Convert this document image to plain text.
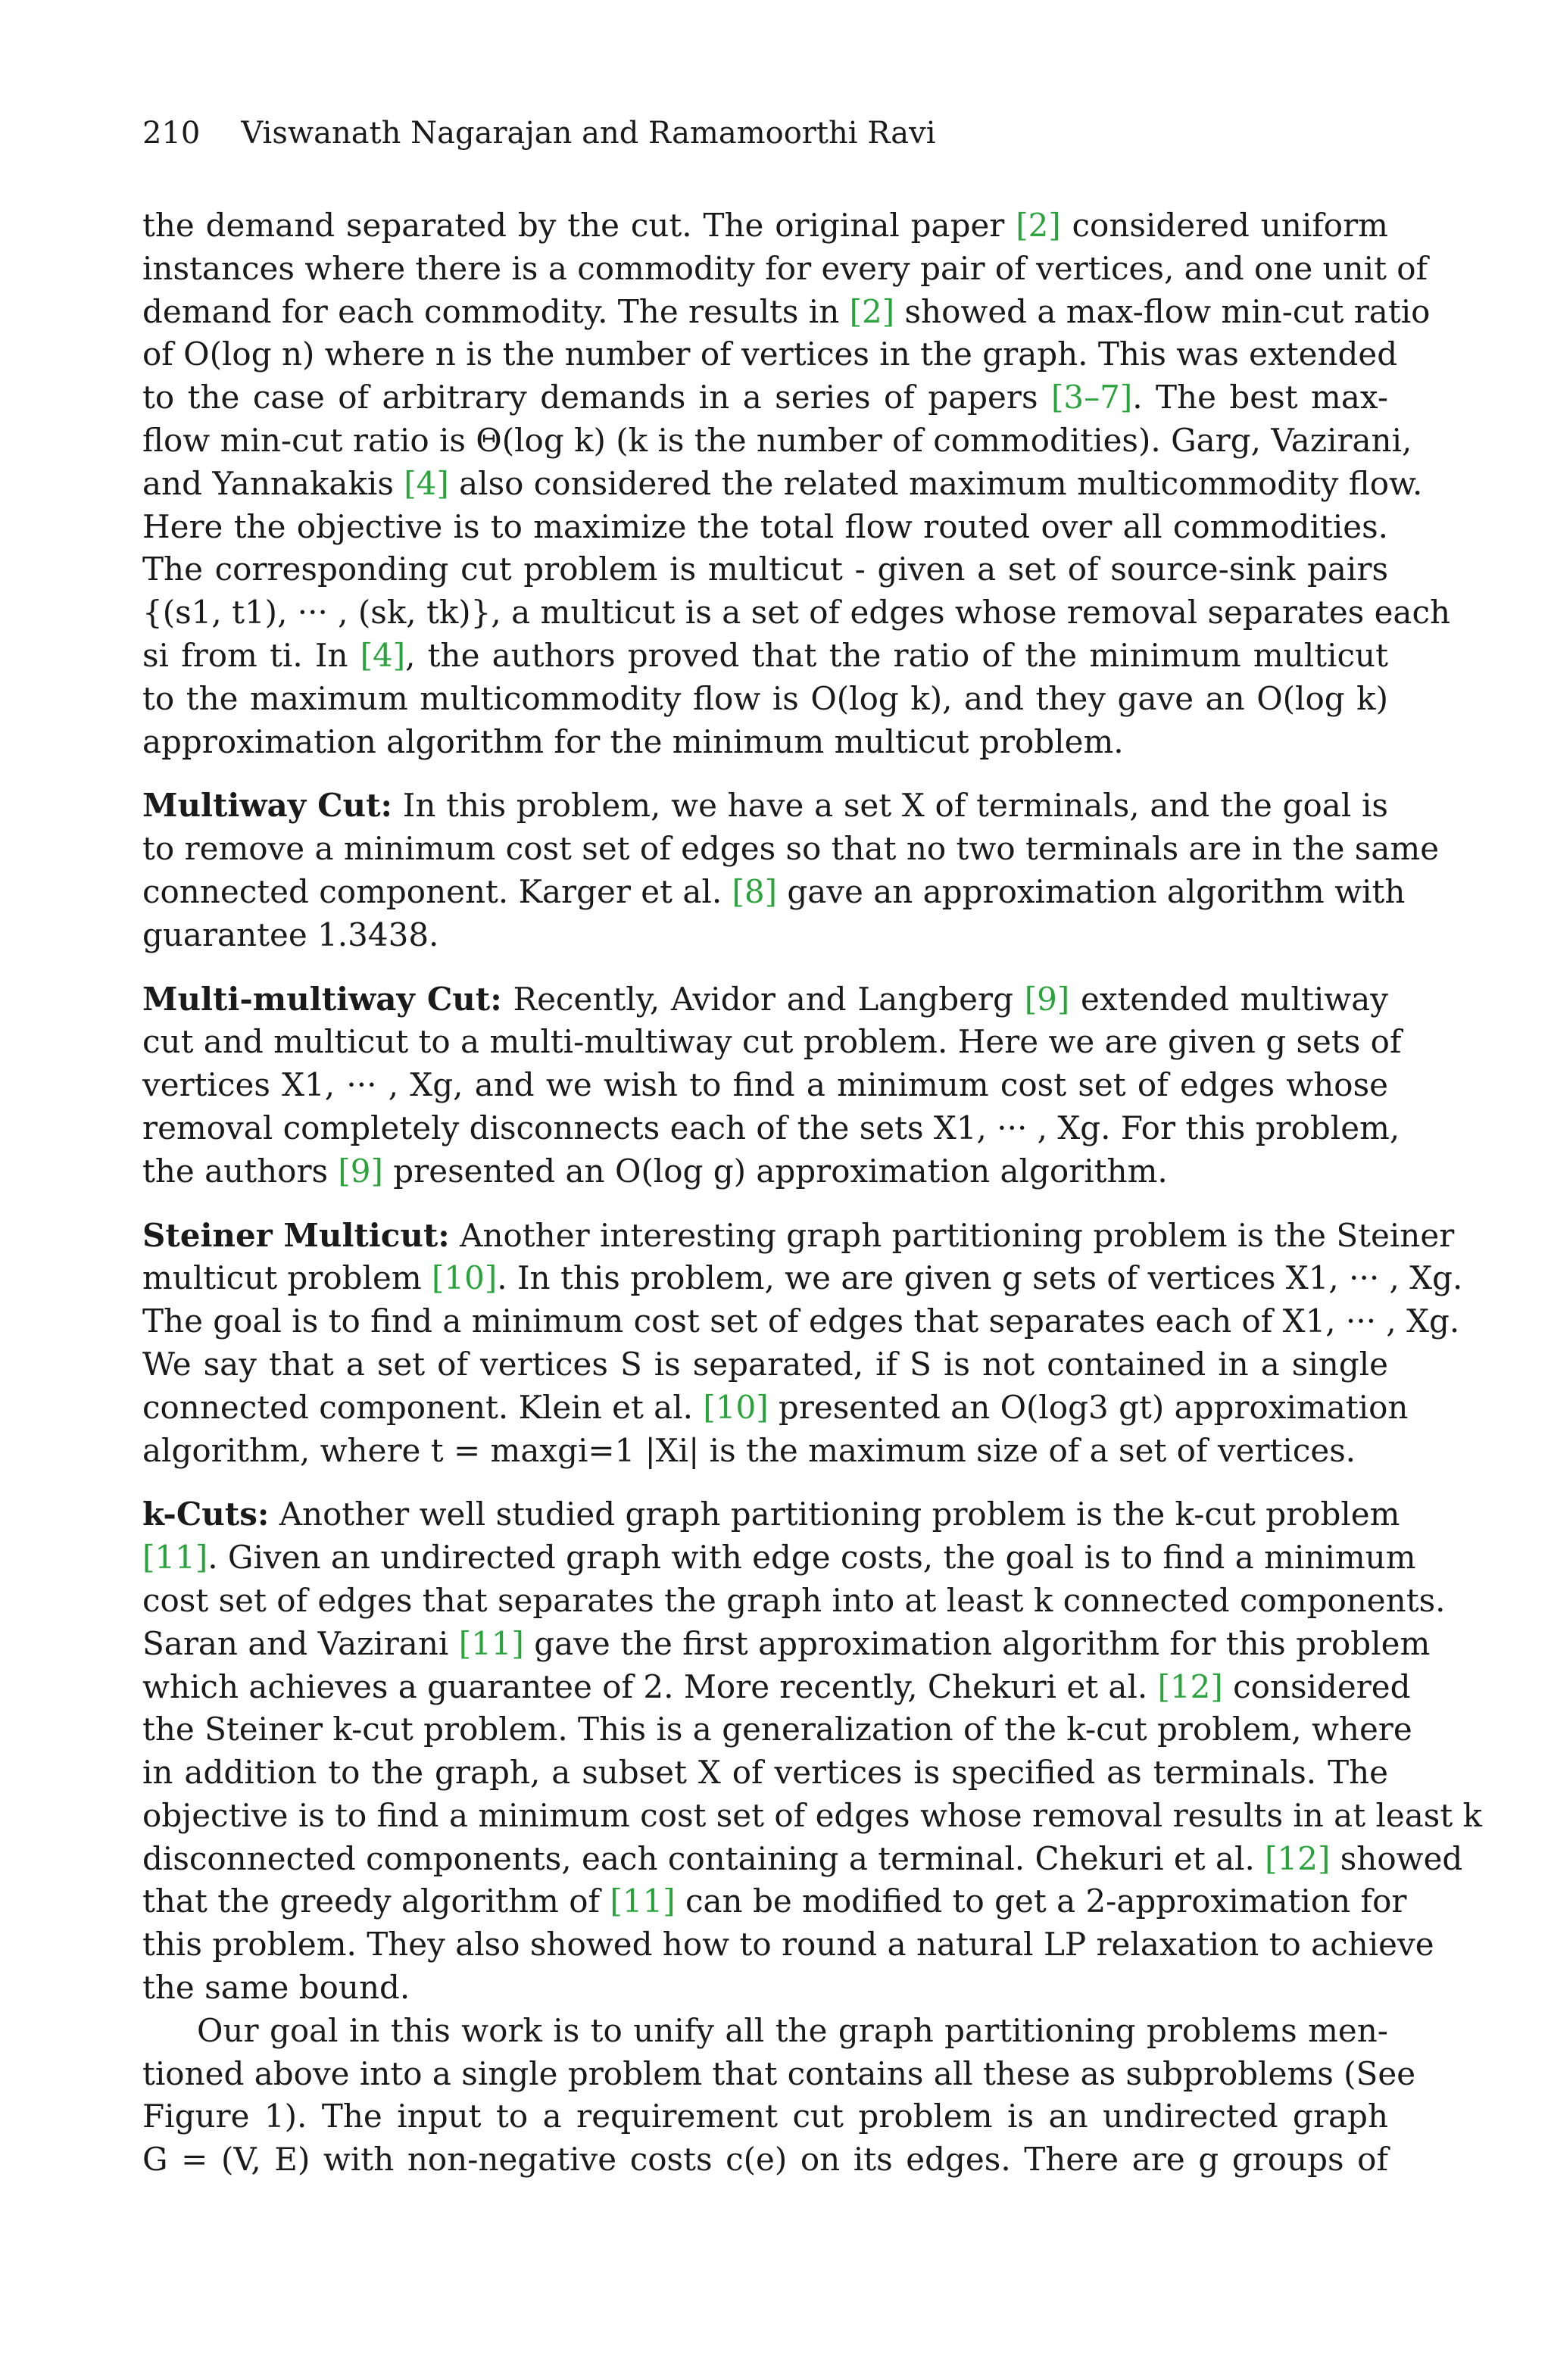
210 Viswanath Nagarajan and Ramamoorthi Ravi
the demand separated by the cut. The original paper [2] considered uniform
instances where there is a commodity for every pair of vertices, and one unit of
demand for each commodity. The results in [2] showed a max-flow min-cut ratio
of O(log n) where n is the number of vertices in the graph. This was extended
to the case of arbitrary demands in a series of papers [3–7]. The best max-
flow min-cut ratio is Θ(log k) (k is the number of commodities). Garg, Vazirani,
and Yannakakis [4] also considered the related maximum multicommodity flow.
Here the objective is to maximize the total flow routed over all commodities.
The corresponding cut problem is multicut - given a set of source-sink pairs
{(s1, t1), ··· , (sk, tk)}, a multicut is a set of edges whose removal separates each
si from ti. In [4], the authors proved that the ratio of the minimum multicut
to the maximum multicommodity flow is O(log k), and they gave an O(log k)
approximation algorithm for the minimum multicut problem.
Multiway Cut: In this problem, we have a set X of terminals, and the goal is
to remove a minimum cost set of edges so that no two terminals are in the same
connected component. Karger et al. [8] gave an approximation algorithm with
guarantee 1.3438.
Multi-multiway Cut: Recently, Avidor and Langberg [9] extended multiway
cut and multicut to a multi-multiway cut problem. Here we are given g sets of
vertices X1, ··· , Xg, and we wish to find a minimum cost set of edges whose
removal completely disconnects each of the sets X1, ··· , Xg. For this problem,
the authors [9] presented an O(log g) approximation algorithm.
Steiner Multicut: Another interesting graph partitioning problem is the Steiner
multicut problem [10]. In this problem, we are given g sets of vertices X1, ··· , Xg.
The goal is to find a minimum cost set of edges that separates each of X1, ··· , Xg.
We say that a set of vertices S is separated, if S is not contained in a single
connected component. Klein et al. [10] presented an O(log3 gt) approximation
algorithm, where t = maxgi=1 |Xi| is the maximum size of a set of vertices.
k-Cuts: Another well studied graph partitioning problem is the k-cut problem
[11]. Given an undirected graph with edge costs, the goal is to find a minimum
cost set of edges that separates the graph into at least k connected components.
Saran and Vazirani [11] gave the first approximation algorithm for this problem
which achieves a guarantee of 2. More recently, Chekuri et al. [12] considered
the Steiner k-cut problem. This is a generalization of the k-cut problem, where
in addition to the graph, a subset X of vertices is specified as terminals. The
objective is to find a minimum cost set of edges whose removal results in at least k
disconnected components, each containing a terminal. Chekuri et al. [12] showed
that the greedy algorithm of [11] can be modified to get a 2-approximation for
this problem. They also showed how to round a natural LP relaxation to achieve
the same bound.
Our goal in this work is to unify all the graph partitioning problems men-
tioned above into a single problem that contains all these as subproblems (See
Figure 1). The input to a requirement cut problem is an undirected graph
G = (V, E) with non-negative costs c(e) on its edges. There are g groups of
